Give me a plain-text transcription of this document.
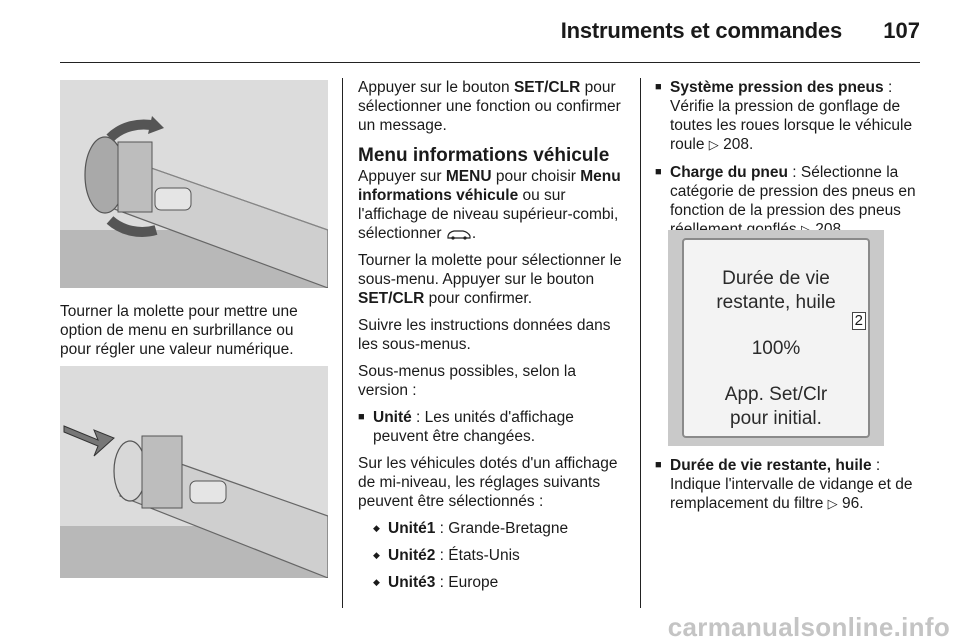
Instruments et commandes 107

Tourner la molette pour mettre une option de menu en surbrillance ou pour régler une valeur numérique.

Appuyer sur le bouton SET/CLR pour sélectionner une fonction ou confirmer un message.

Menu informations véhicule

Appuyer sur MENU pour choisir Menu informations véhicule ou sur l'affichage de niveau supérieur-combi, sélectionner .

Tourner la molette pour sélectionner le sous-menu. Appuyer sur le bouton SET/CLR pour confirmer.

Suivre les instructions données dans les sous-menus.

Sous-menus possibles, selon la version :

■ Unité : Les unités d'affichage peuvent être changées.

Sur les véhicules dotés d'un affichage de mi-niveau, les réglages suivants peuvent être sélectionnés :

◆ Unité1 : Grande-Bretagne
◆ Unité2 : États-Unis
◆ Unité3 : Europe
■ Système pression des pneus : Vérifie la pression de gonflage de toutes les roues lorsque le véhicule roule ▷ 208.
■ Charge du pneu : Sélectionne la catégorie de pression des pneus en fonction de la pression des pneus
Durée de vie
restante, huile
2
100%
App. Set/Clr
pour initial.
■ Durée de vie restante, huile : Indique l'intervalle de vidange et de remplacement du filtre ▷ 96.
carmanualsonline.info
